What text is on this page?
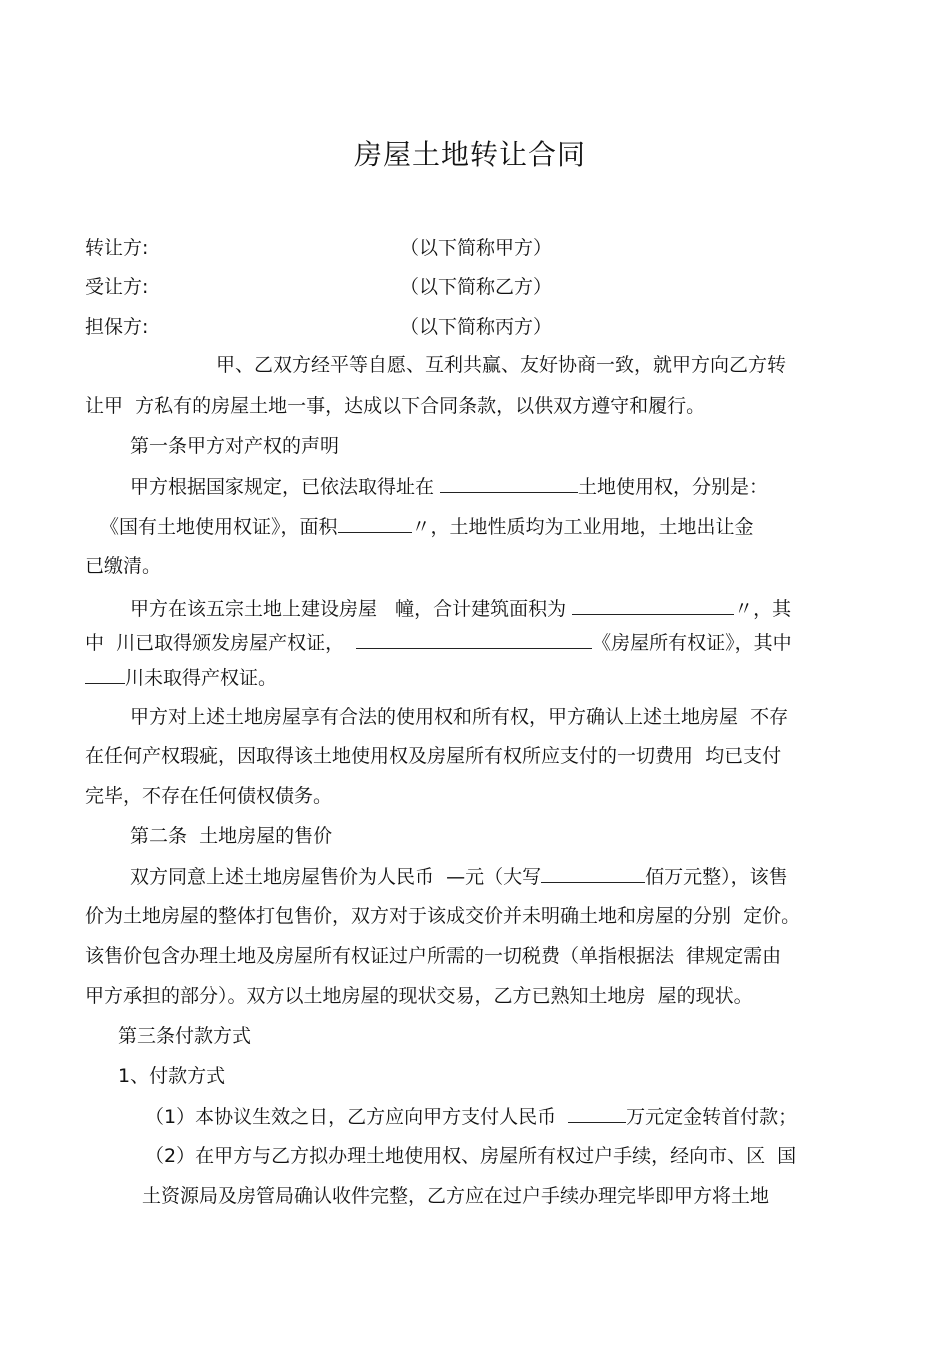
房屋土地转让合同
转让方:	（以下简称甲方）
受让方:	（以下简称乙方）
担保方:	（以下简称丙方）
甲、乙双方经平等自愿、互利共赢、友好协商一致，就甲方向乙方转
让甲  方私有的房屋土地一事，达成以下合同条款，以供双方遵守和履行。
第一条甲方对产权的声明
甲方根据国家规定，已依法取得址在	土地使用权，分别是：
《国有土地使用权证》，面积	〃，土地性质均为工业用地，土地出让金
已缴清。
甲方在该五宗土地上建设房屋   幢，合计建筑面积为	〃，其
中  川已取得颁发房屋产权证，	《房屋所有权证》，其中
川未取得产权证。
甲方对上述土地房屋享有合法的使用权和所有权，甲方确认上述土地房屋  不存
在任何产权瑕疵，因取得该土地使用权及房屋所有权所应支付的一切费用  均已支付
完毕，不存在任何债权债务。
第二条  土地房屋的售价
双方同意上述土地房屋售价为人民币  —元（大写	佰万元整），该售
价为土地房屋的整体打包售价，双方对于该成交价并未明确土地和房屋的分别  定价。
该售价包含办理土地及房屋所有权证过户所需的一切税费（单指根据法  律规定需由
甲方承担的部分）。双方以土地房屋的现状交易，乙方已熟知土地房  屋的现状。
第三条付款方式
1、付款方式
（1）本协议生效之日，乙方应向甲方支付人民币	万元定金转首付款；
（2）在甲方与乙方拟办理土地使用权、房屋所有权过户手续，经向市、区  国
土资源局及房管局确认收件完整，乙方应在过户手续办理完毕即甲方将土地
